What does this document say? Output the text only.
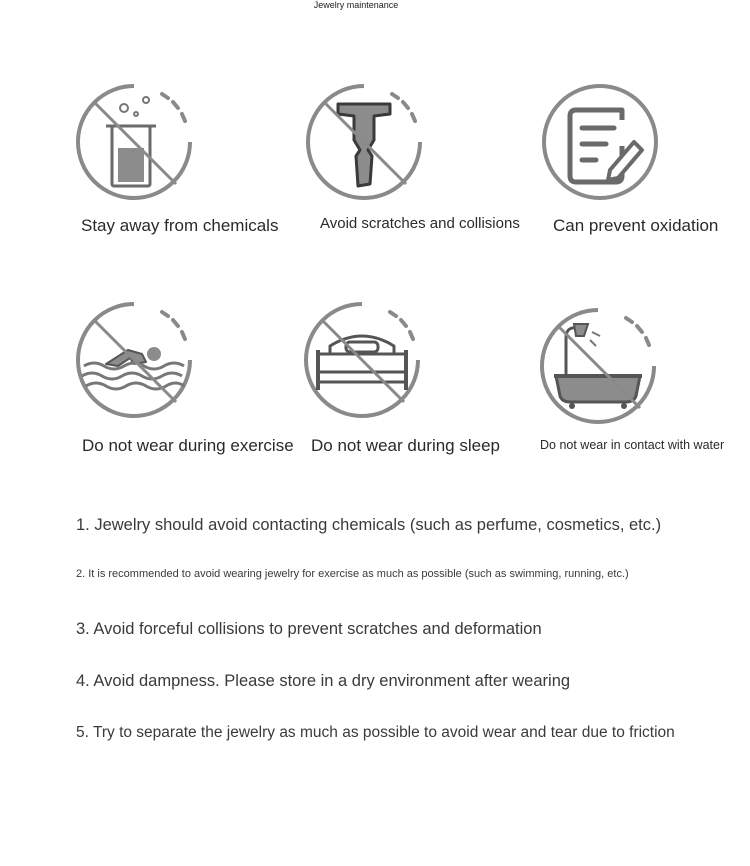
Jewelry maintenance
Stay away from chemicals	Avoid scratches and collisions Can prevent oxidation
Do not wear during exercise Do not wear during sleep	Do not wear in contact with water
1. Jewelry should avoid contacting chemicals (such as perfume, cosmetics, etc.)
2. It is recommended to avoid wearing jewelry for exercise as much as possible (such as swimming, running, etc.)
3. Avoid forceful collisions to prevent scratches and deformation
4. Avoid dampness. Please store in a dry environment after wearing
5. Try to separate the jewelry as much as possible to avoid wear and tear due to friction
